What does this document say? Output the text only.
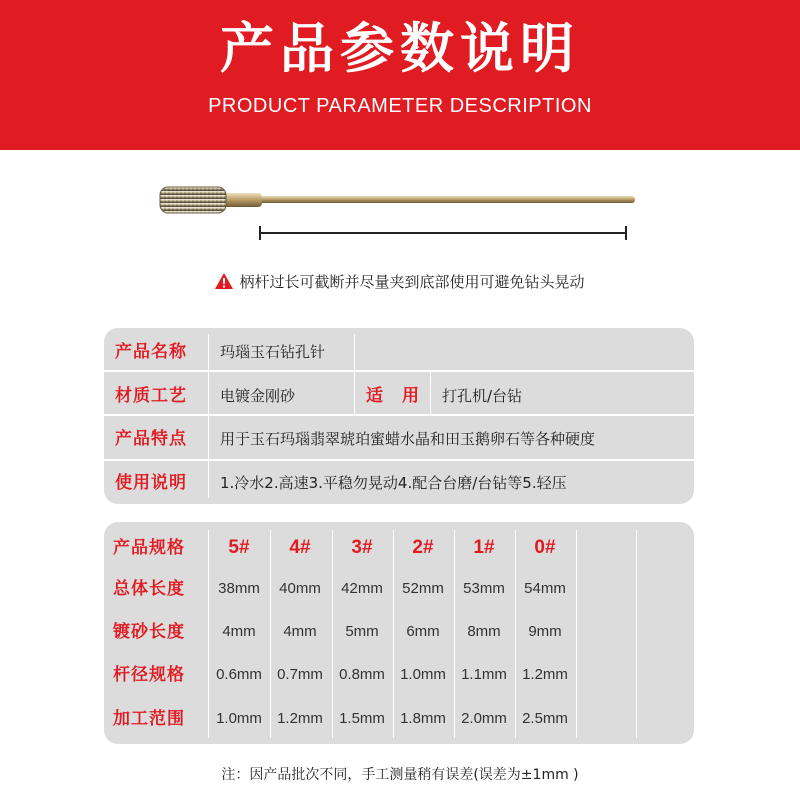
产品参数说明
PRODUCT PARAMETER DESCRIPTION
柄杆过长可截断并尽量夹到底部使用可避免钻头晃动
产品名称 玛瑙玉石钻孔针
材质工艺 电镀金刚砂	适　用 打孔机/台钻
产品特点 用于玉石玛瑙翡翠琥珀蜜蜡水晶和田玉鹅卵石等各种硬度
使用说明 1.冷水2.高速3.平稳勿晃动4.配合台磨/台钻等5.轻压
产品规格	5#	4#	3#	2#	1#	0#
总体长度	38mm	40mm	42mm	52mm	53mm	54mm
镀砂长度	4mm	4mm	5mm	6mm	8mm	9mm
杆径规格	0.6mm	0.7mm	0.8mm	1.0mm	1.1mm	1.2mm
加工范围	1.0mm	1.2mm	1.5mm	1.8mm	2.0mm	2.5mm
注：因产品批次不同，手工测量稍有误差(误差为±1mm )
